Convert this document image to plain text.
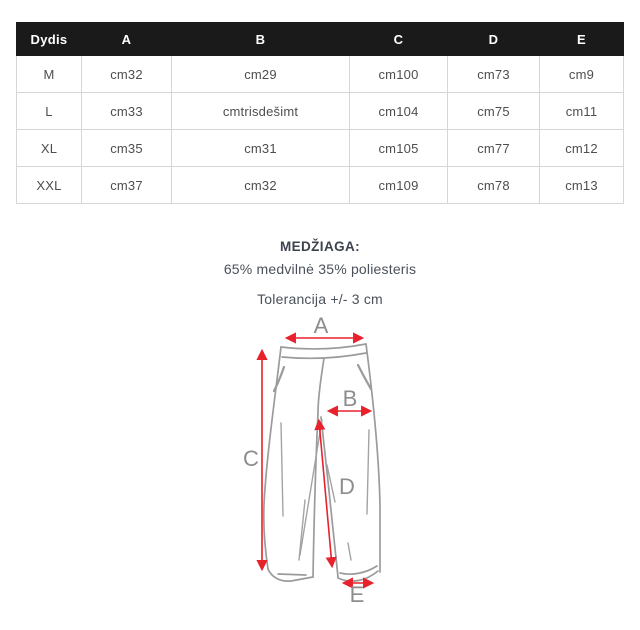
Dydis	A	B	C	D	E
M	cm32	cm29	cm100	cm73	cm9
L	cm33	cmtrisdešimt	cm104	cm75	cm11
XL	cm35	cm31	cm105	cm77	cm12
XXL	cm37	cm32	cm109	cm78	cm13

MEDŽIAGA:

65% medvilnė 35% poliesteris

Tolerancija +/- 3 cm

A
B
C
D
E
